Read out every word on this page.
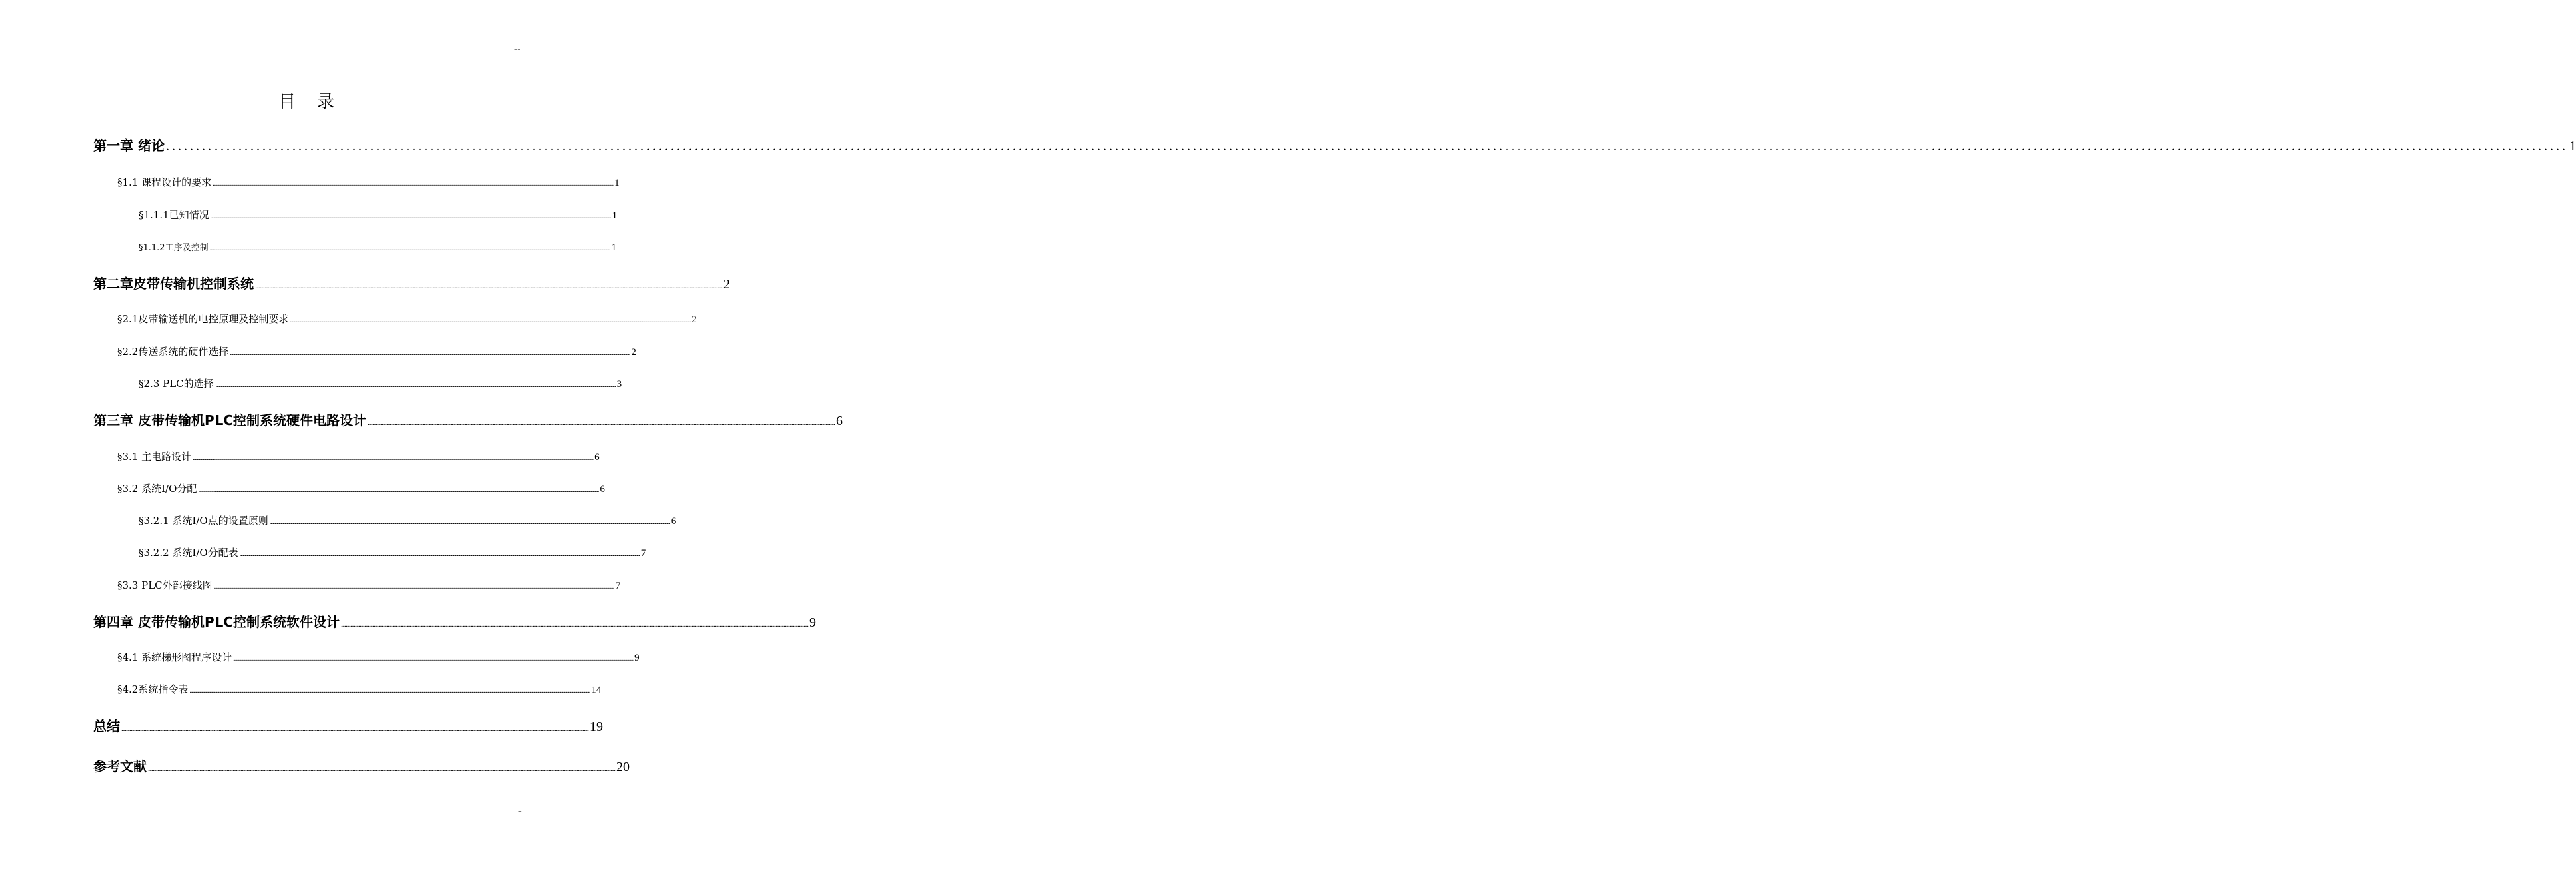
--
目 录
第一章 绪论 ................................................................................................................................................................................................................................................................................................................................................................................................................ 1
§1.1 课程设计的要求 ................................................................................................................................................................................................................................................................................................................................................................................................................ 1
§1.1.1已知情况 ................................................................................................................................................................................................................................................................................................................................................................................................................ 1
§1.1.2工序及控制 ................................................................................................................................................................................................................................................................................................................................................................................................................ 1
第二章皮带传输机控制系统 ................................................................................................................................................................................................................................................................................................................................................................................................................ 2
§2.1皮带输送机的电控原理及控制要求 ................................................................................................................................................................................................................................................................................................................................................................................................................ 2
§2.2传送系统的硬件选择 ................................................................................................................................................................................................................................................................................................................................................................................................................ 2
§2.3 PLC的选择 ................................................................................................................................................................................................................................................................................................................................................................................................................ 3
第三章 皮带传输机PLC控制系统硬件电路设计 ................................................................................................................................................................................................................................................................................................................................................................................................................ 6
§3.1 主电路设计 ................................................................................................................................................................................................................................................................................................................................................................................................................ 6
§3.2 系统I/O分配 ................................................................................................................................................................................................................................................................................................................................................................................................................ 6
§3.2.1 系统I/O点的设置原则 ................................................................................................................................................................................................................................................................................................................................................................................................................ 6
§3.2.2 系统I/O分配表 ................................................................................................................................................................................................................................................................................................................................................................................................................ 7
§3.3 PLC外部接线图 ................................................................................................................................................................................................................................................................................................................................................................................................................ 7
第四章 皮带传输机PLC控制系统软件设计 ................................................................................................................................................................................................................................................................................................................................................................................................................ 9
§4.1 系统梯形图程序设计 ................................................................................................................................................................................................................................................................................................................................................................................................................ 9
§4.2系统指令表 ................................................................................................................................................................................................................................................................................................................................................................................................................ 14
总结 ................................................................................................................................................................................................................................................................................................................................................................................................................ 19
参考文献 ................................................................................................................................................................................................................................................................................................................................................................................................................ 20
-
